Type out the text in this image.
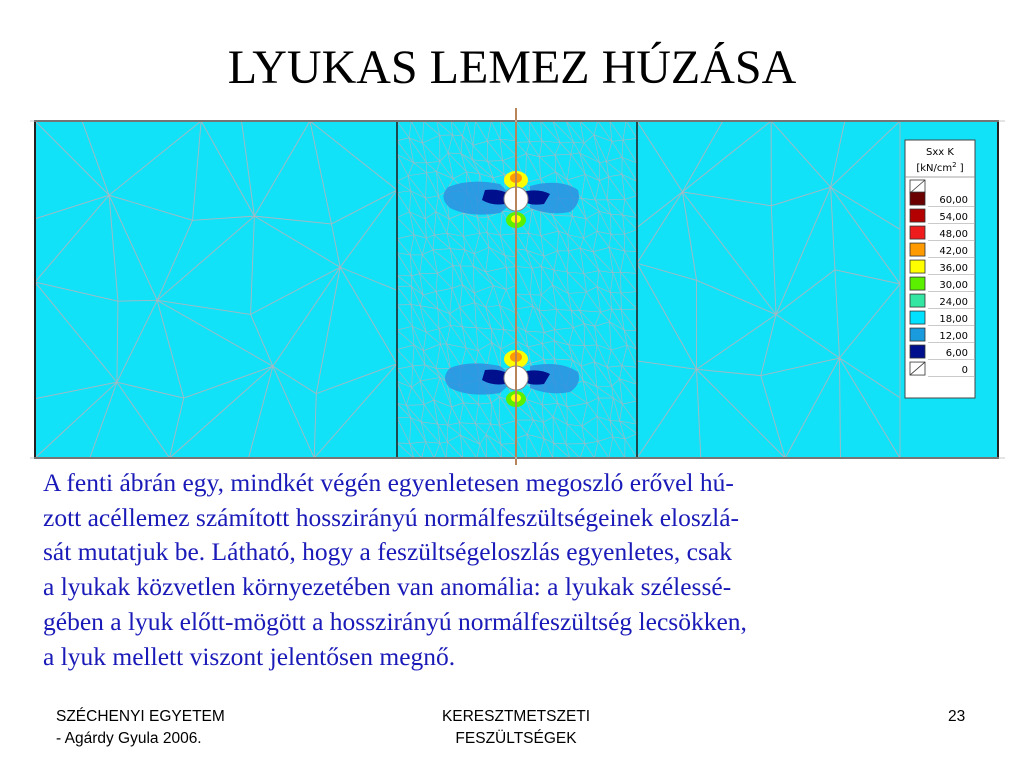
LYUKAS LEMEZ HÚZÁSA
Sxx K
[$kN/cm^2$ ]
60,00
54,00
48,00
42,00
36,00
30,00
24,00
18,00
12,00
6,00
0
A fenti ábrán egy, mindkét végén egyenletesen megoszló erővel hú-
zott acéllemez számított hosszirányú normálfeszültségeinek eloszlá-
sát mutatjuk be. Látható, hogy a feszültségeloszlás egyenletes, csak
a lyukak közvetlen környezetében van anomália: a lyukak szélessé-
gében a lyuk előtt-mögött a hosszirányú normálfeszültség lecsökken,
a lyuk mellett viszont jelentősen megnő.
SZÉCHENYI EGYETEM
- Agárdy Gyula 2006.
KERESZTMETSZETI
FESZÜLTSÉGEK
23
